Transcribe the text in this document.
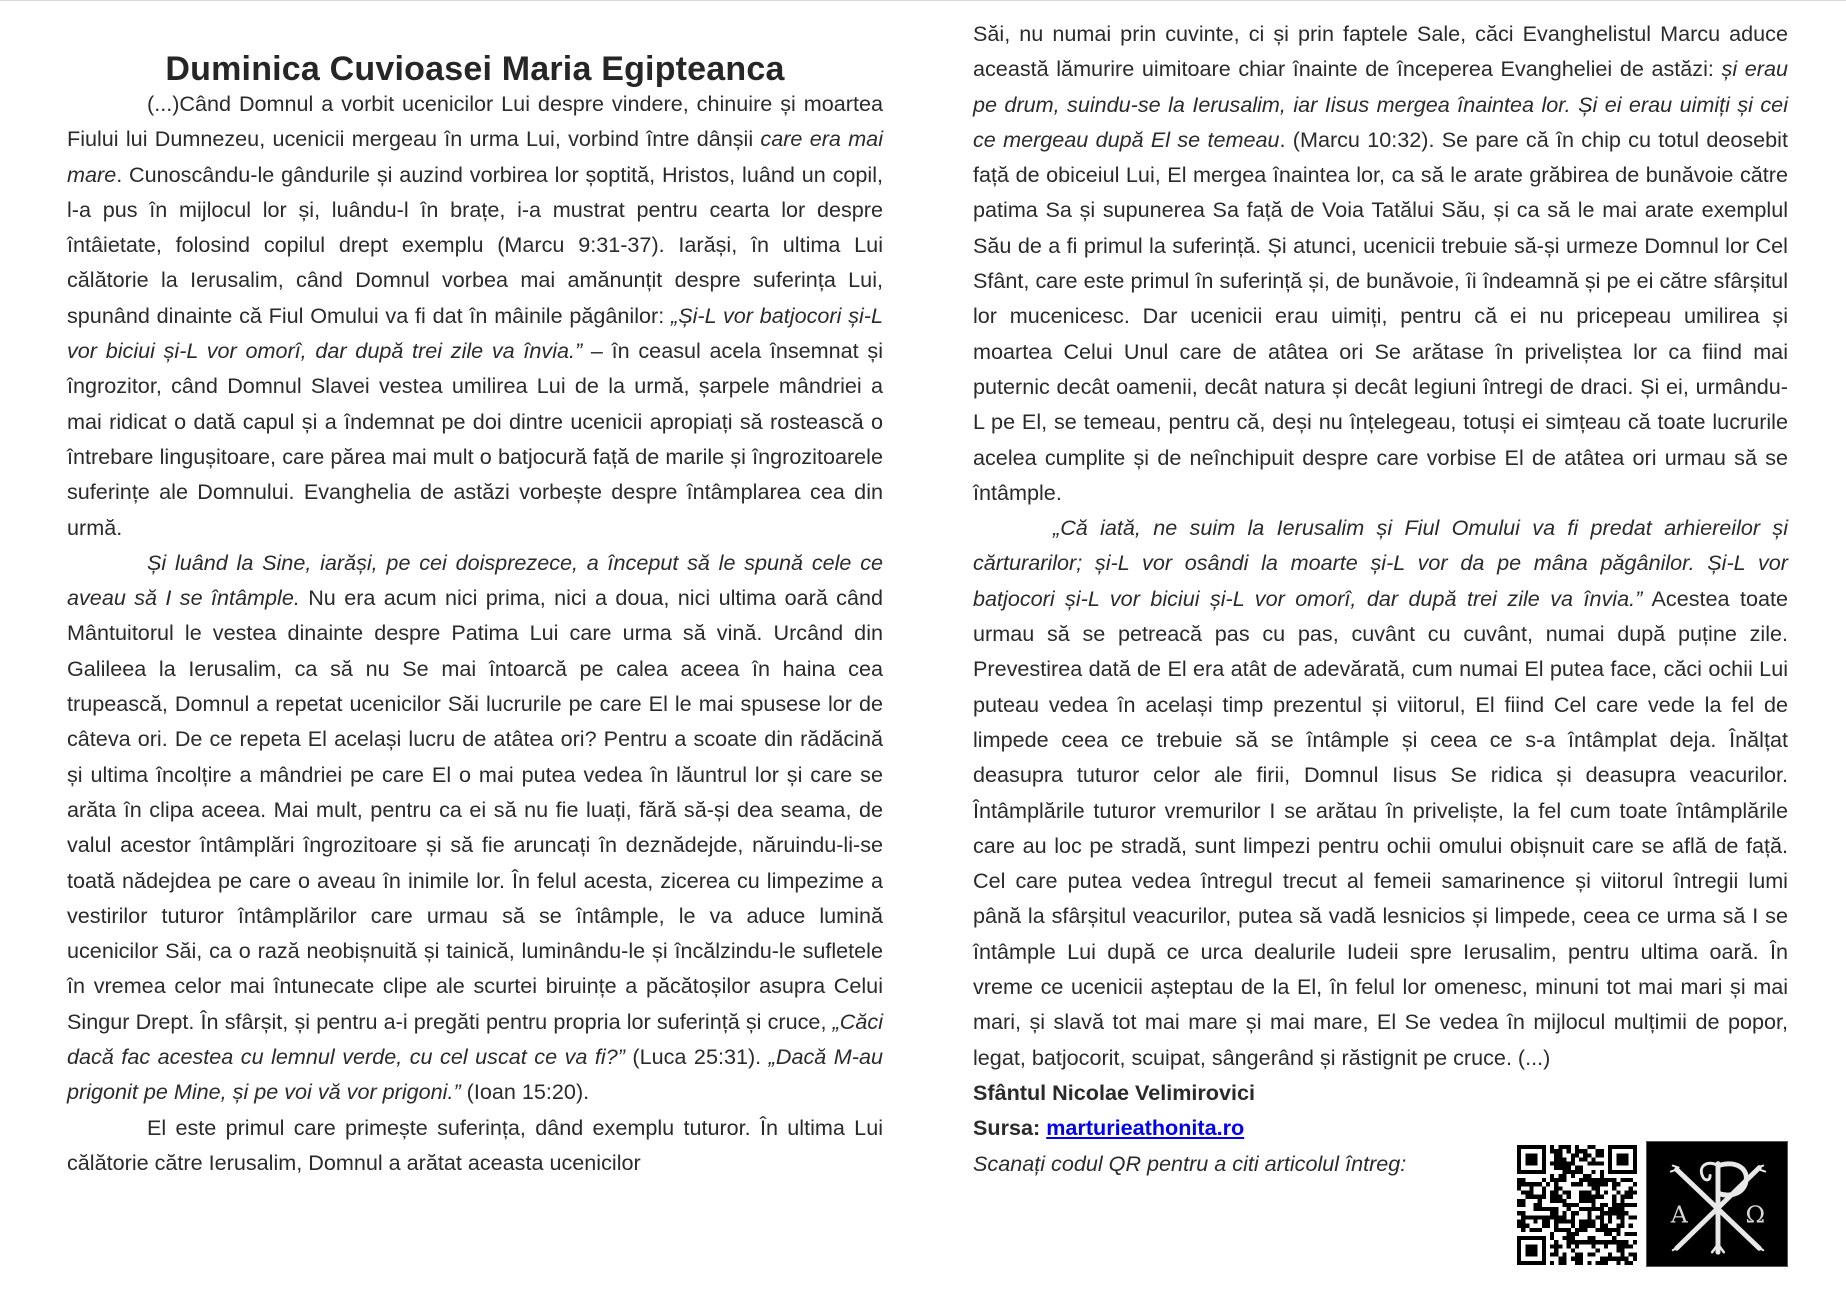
Duminica Cuvioasei Maria Egipteanca

(...)Când Domnul a vorbit ucenicilor Lui despre vindere, chinuire și moartea Fiului lui Dumnezeu, ucenicii mergeau în urma Lui, vorbind între dânșii care era mai mare. Cunoscându-le gândurile și auzind vorbirea lor șoptită, Hristos, luând un copil, l-a pus în mijlocul lor și, luându-l în brațe, i-a mustrat pentru cearta lor despre întâietate, folosind copilul drept exemplu (Marcu 9:31-37). Iarăși, în ultima Lui călătorie la Ierusalim, când Domnul vorbea mai amănunțit despre suferința Lui, spunând dinainte că Fiul Omului va fi dat în mâinile păgânilor: „Și-L vor batjocori și-L vor biciui și-L vor omorî, dar după trei zile va învia.” – în ceasul acela însemnat și îngrozitor, când Domnul Slavei vestea umilirea Lui de la urmă, șarpele mândriei a mai ridicat o dată capul și a îndemnat pe doi dintre ucenicii apropiați să rostească o întrebare lingușitoare, care părea mai mult o batjocură față de marile și îngrozitoarele suferințe ale Domnului. Evanghelia de astăzi vorbește despre întâmplarea cea din urmă.

Și luând la Sine, iarăși, pe cei doisprezece, a început să le spună cele ce aveau să I se întâmple. Nu era acum nici prima, nici a doua, nici ultima oară când Mântuitorul le vestea dinainte despre Patima Lui care urma să vină. Urcând din Galileea la Ierusalim, ca să nu Se mai întoarcă pe calea aceea în haina cea trupească, Domnul a repetat ucenicilor Săi lucrurile pe care El le mai spusese lor de câteva ori. De ce repeta El același lucru de atâtea ori? Pentru a scoate din rădăcină și ultima încolțire a mândriei pe care El o mai putea vedea în lăuntrul lor și care se arăta în clipa aceea. Mai mult, pentru ca ei să nu fie luați, fără să-și dea seama, de valul acestor întâmplări îngrozitoare și să fie aruncați în deznădejde, năruindu-li-se toată nădejdea pe care o aveau în inimile lor. În felul acesta, zicerea cu limpezime a vestirilor tuturor întâmplărilor care urmau să se întâmple, le va aduce lumină ucenicilor Săi, ca o rază neobișnuită și tainică, luminându-le și încălzindu-le sufletele în vremea celor mai întunecate clipe ale scurtei biruințe a păcătoșilor asupra Celui Singur Drept. În sfârșit, și pentru a-i pregăti pentru propria lor suferință și cruce, „Căci dacă fac acestea cu lemnul verde, cu cel uscat ce va fi?” (Luca 25:31). „Dacă M-au prigonit pe Mine, și pe voi vă vor prigoni.” (Ioan 15:20).

El este primul care primește suferința, dând exemplu tuturor. În ultima Lui călătorie către Ierusalim, Domnul a arătat aceasta ucenicilor

Săi, nu numai prin cuvinte, ci și prin faptele Sale, căci Evanghelistul Marcu aduce această lămurire uimitoare chiar înainte de începerea Evangheliei de astăzi: și erau pe drum, suindu-se la Ierusalim, iar Iisus mergea înaintea lor. Și ei erau uimiți și cei ce mergeau după El se temeau. (Marcu 10:32). Se pare că în chip cu totul deosebit față de obiceiul Lui, El mergea înaintea lor, ca să le arate grăbirea de bunăvoie către patima Sa și supunerea Sa față de Voia Tatălui Său, și ca să le mai arate exemplul Său de a fi primul la suferință. Și atunci, ucenicii trebuie să-și urmeze Domnul lor Cel Sfânt, care este primul în suferință și, de bunăvoie, îi îndeamnă și pe ei către sfârșitul lor mucenicesc. Dar ucenicii erau uimiți, pentru că ei nu pricepeau umilirea și moartea Celui Unul care de atâtea ori Se arătase în priveliștea lor ca fiind mai puternic decât oamenii, decât natura și decât legiuni întregi de draci. Și ei, urmându-L pe El, se temeau, pentru că, deși nu înțelegeau, totuși ei simțeau că toate lucrurile acelea cumplite și de neînchipuit despre care vorbise El de atâtea ori urmau să se întâmple.

„Că iată, ne suim la Ierusalim și Fiul Omului va fi predat arhiereilor și cărturarilor; și-L vor osândi la moarte și-L vor da pe mâna păgânilor. Și-L vor batjocori și-L vor biciui și-L vor omorî, dar după trei zile va învia.” Acestea toate urmau să se petreacă pas cu pas, cuvânt cu cuvânt, numai după puține zile. Prevestirea dată de El era atât de adevărată, cum numai El putea face, căci ochii Lui puteau vedea în același timp prezentul și viitorul, El fiind Cel care vede la fel de limpede ceea ce trebuie să se întâmple și ceea ce s-a întâmplat deja. Înălțat deasupra tuturor celor ale firii, Domnul Iisus Se ridica și deasupra veacurilor. Întâmplările tuturor vremurilor I se arătau în priveliște, la fel cum toate întâmplările care au loc pe stradă, sunt limpezi pentru ochii omului obișnuit care se află de față. Cel care putea vedea întregul trecut al femeii samarinence și viitorul întregii lumi până la sfârșitul veacurilor, putea să vadă lesnicios și limpede, ceea ce urma să I se întâmple Lui după ce urca dealurile Iudeii spre Ierusalim, pentru ultima oară. În vreme ce ucenicii așteptau de la El, în felul lor omenesc, minuni tot mai mari și mai mari, și slavă tot mai mare și mai mare, El Se vedea în mijlocul mulțimii de popor, legat, batjocorit, scuipat, sângerând și răstignit pe cruce. (...)

Sfântul Nicolae Velimirovici
Sursa: marturieathonita.ro
Scanați codul QR pentru a citi articolul întreg:
Α Ω
